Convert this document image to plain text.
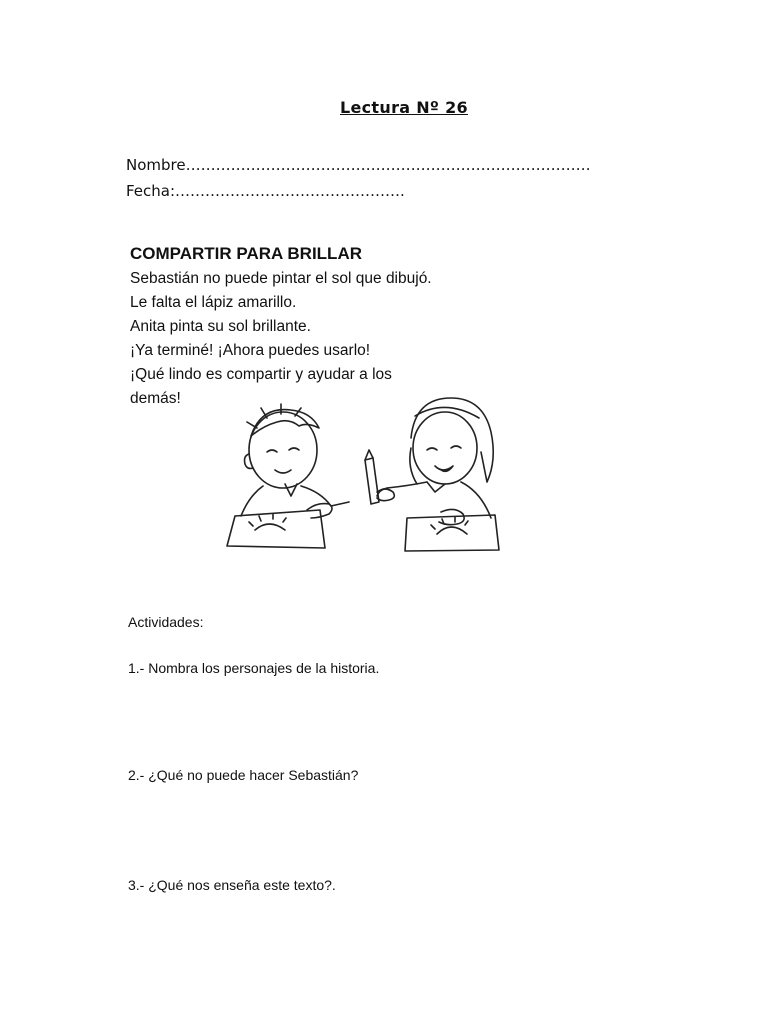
Lectura Nº 26
Nombre………………………………………………………………………
Fecha:……………………………………….
COMPARTIR PARA BRILLAR
Sebastián no puede pintar el sol que dibujó.
Le falta el lápiz amarillo.
Anita pinta su sol brillante.
¡Ya terminé! ¡Ahora puedes usarlo!
¡Qué lindo es compartir y ayudar a los
demás!
Actividades:
1.- Nombra los personajes de la historia.
2.- ¿Qué no puede hacer Sebastián?
3.- ¿Qué nos enseña este texto?.
